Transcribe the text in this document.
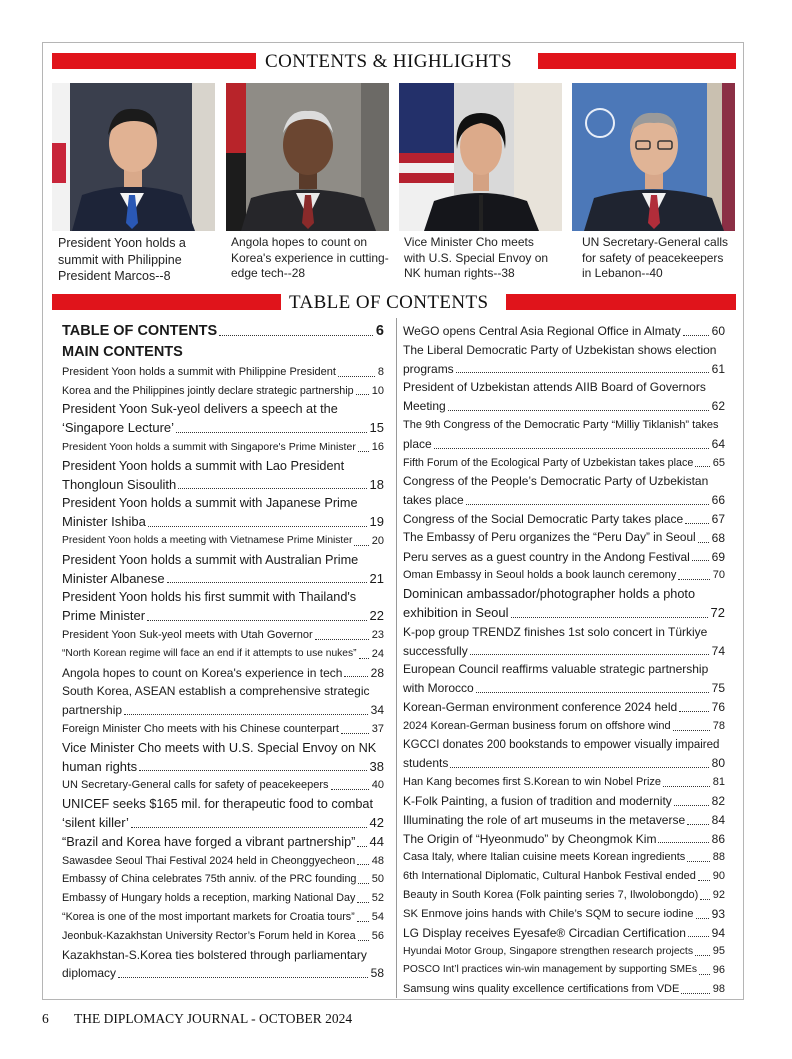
CONTENTS & HIGHLIGHTS
President Yoon holds a
summit with Philippine
President Marcos--8
Angola hopes to count on
Korea's experience in cutting-
edge tech--28
Vice Minister Cho meets
with U.S. Special Envoy on
NK human rights--38
UN Secretary-General calls
for safety of peacekeepers
in Lebanon--40
TABLE OF CONTENTS
TABLE OF CONTENTS	6
MAIN CONTENTS
President Yoon holds a summit with Philippine President	8
Korea and the Philippines jointly declare strategic partnership 10
President Yoon Suk-yeol delivers a speech at the
‘Singapore Lecture’	15
President Yoon holds a summit with Singapore's Prime Minister 16
President Yoon holds a summit with Lao President
Thongloun Sisoulith	18
President Yoon holds a summit with Japanese Prime
Minister Ishiba	19
President Yoon holds a meeting with Vietnamese Prime Minister 20
President Yoon holds a summit with Australian Prime
Minister Albanese	21
President Yoon holds his first summit with Thailand's
Prime Minister	22
President Yoon Suk-yeol meets with Utah Governor	23
“North Korean regime will face an end if it attempts to use nukes” 24
Angola hopes to count on Korea's experience in tech 28
South Korea, ASEAN establish a comprehensive strategic
partnership	34
Foreign Minister Cho meets with his Chinese counterpart	37
Vice Minister Cho meets with U.S. Special Envoy on NK
human rights	38
UN Secretary-General calls for safety of peacekeepers	40
UNICEF seeks $165 mil. for therapeutic food to combat
‘silent killer’	42
“Brazil and Korea have forged a vibrant partnership” 44
Sawasdee Seoul Thai Festival 2024 held in Cheonggyecheon 48
Embassy of China celebrates 75th anniv. of the PRC founding 50
Embassy of Hungary holds a reception, marking National Day 52
“Korea is one of the most important markets for Croatia tours” 54
Jeonbuk-Kazakhstan University Rector’s Forum held in Korea 56
Kazakhstan-S.Korea ties bolstered through parliamentary
diplomacy	58
WeGO opens Central Asia Regional Office in Almaty	60
The Liberal Democratic Party of Uzbekistan shows election
programs	61
President of Uzbekistan attends AIIB Board of Governors
Meeting	62
The 9th Congress of the Democratic Party “Milliy Tiklanish” takes
place	64
Fifth Forum of the Ecological Party of Uzbekistan takes place 65
Congress of the People’s Democratic Party of Uzbekistan
takes place	66
Congress of the Social Democratic Party takes place 67
The Embassy of Peru organizes the “Peru Day” in Seoul 68
Peru serves as a guest country in the Andong Festival 69
Oman Embassy in Seoul holds a book launch ceremony	70
Dominican ambassador/photographer holds a photo
exhibition in Seoul	72
K-pop group TRENDZ finishes 1st solo concert in Türkiye
successfully	74
European Council reaffirms valuable strategic partnership
with Morocco	75
Korean-German environment conference 2024 held	76
2024 Korean-German business forum on offshore wind	78
KGCCI donates 200 bookstands to empower visually impaired
students	80
Han Kang becomes first S.Korean to win Nobel Prize	81
K-Folk Painting, a fusion of tradition and modernity	82
Illuminating the role of art museums in the metaverse 84
The Origin of “Hyeonmudo” by Cheongmok Kim	86
Casa Italy, where Italian cuisine meets Korean ingredients 88
6th International Diplomatic, Cultural Hanbok Festival ended 90
Beauty in South Korea (Folk painting series 7, Ilwolobongdo) 92
SK Enmove joins hands with Chile’s SQM to secure iodine 93
LG Display receives Eyesafe® Circadian Certification 94
Hyundai Motor Group, Singapore strengthen research projects 95
POSCO Int’l practices win-win management by supporting SMEs 96
Samsung wins quality excellence certifications from VDE	98
6 THE DIPLOMACY JOURNAL - OCTOBER 2024
